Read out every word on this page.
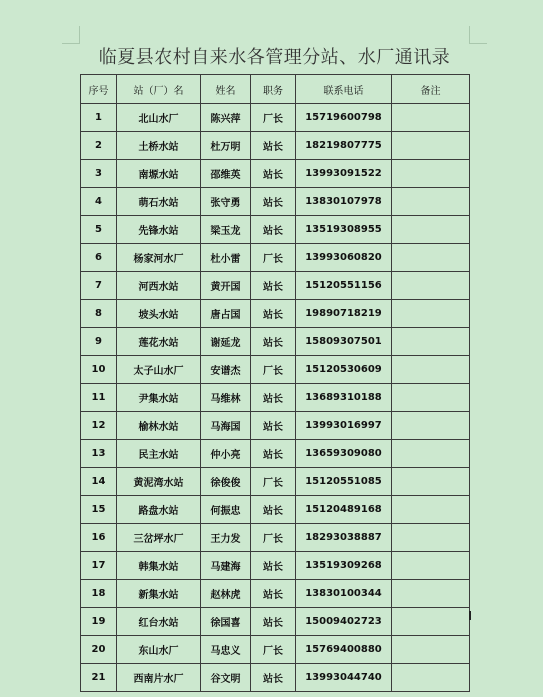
临夏县农村自来水各管理分站、水厂通讯录
序号	站（厂）名	姓名	职务	联系电话	备注
1	北山水厂	陈兴萍	厂长	15719600798	
2	土桥水站	杜万明	站长	18219807775	
3	南塬水站	邵维英	站长	13993091522	
4	萌石水站	张守勇	站长	13830107978	
5	先锋水站	梁玉龙	站长	13519308955	
6	杨家河水厂	杜小雷	厂长	13993060820	
7	河西水站	黄开国	站长	15120551156	
8	坡头水站	唐占国	站长	19890718219	
9	莲花水站	谢延龙	站长	15809307501	
10	太子山水厂	安谱杰	厂长	15120530609	
11	尹集水站	马维林	站长	13689310188	
12	榆林水站	马海国	站长	13993016997	
13	民主水站	仲小亮	站长	13659309080	
14	黄泥湾水站	徐俊俊	厂长	15120551085	
15	路盘水站	何振忠	站长	15120489168	
16	三岔坪水厂	王力发	厂长	18293038887	
17	韩集水站	马建海	站长	13519309268	
18	新集水站	赵林虎	站长	13830100344	
19	红台水站	徐国喜	站长	15009402723	
20	东山水厂	马忠义	厂长	15769400880	
21	西南片水厂	谷文明	站长	13993044740	
